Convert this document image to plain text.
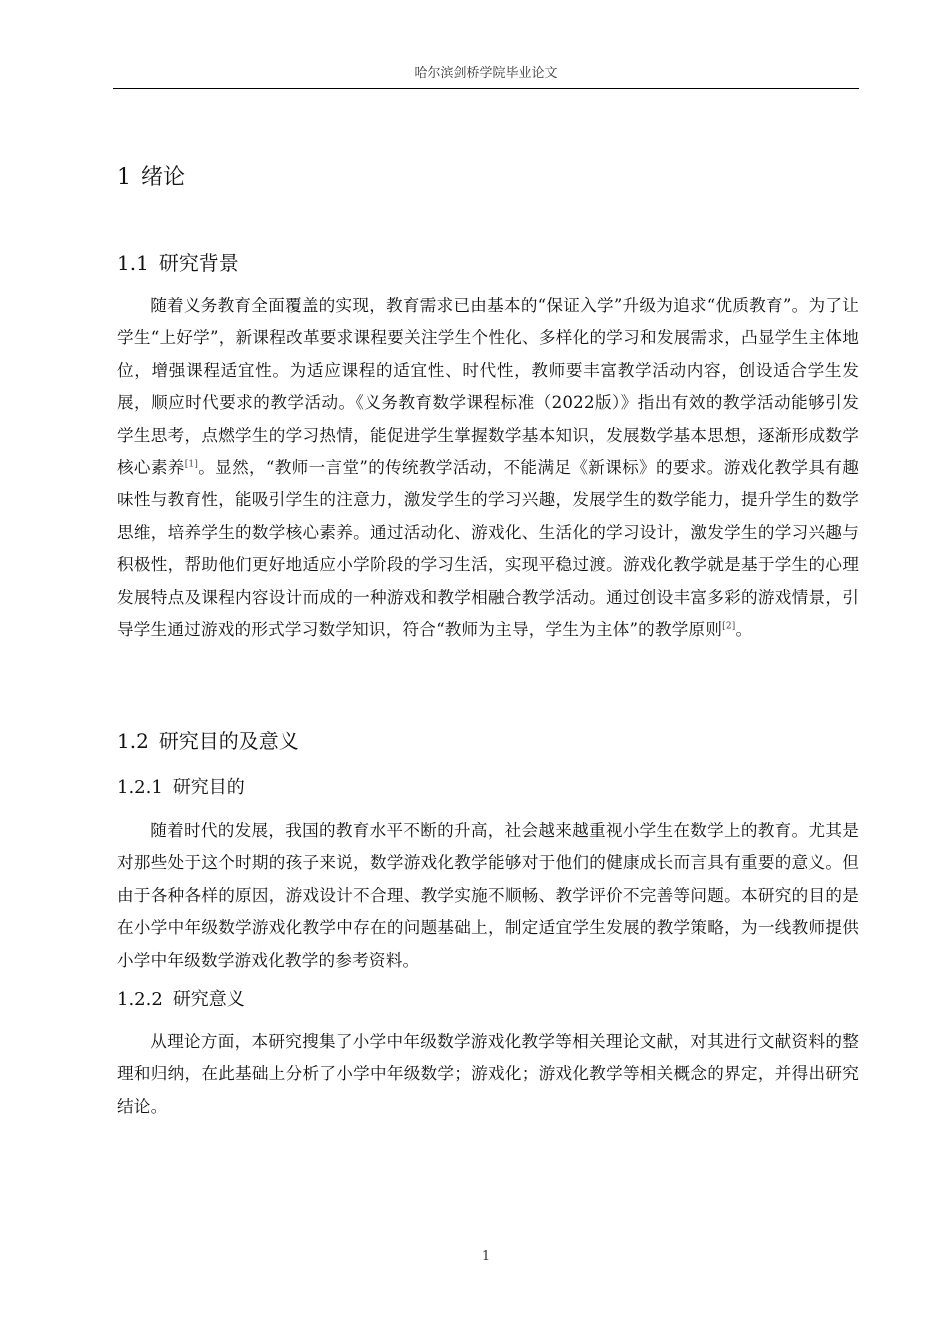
哈尔滨剑桥学院毕业论文
1 绪论
1.1 研究背景

随着义务教育全面覆盖的实现，教育需求已由基本的“保证入学”升级为追求“优质教育”。为了让学生“上好学”，新课程改革要求课程要关注学生个性化、多样化的学习和发展需求，凸显学生主体地位，增强课程适宜性。为适应课程的适宜性、时代性，教师要丰富教学活动内容，创设适合学生发展，顺应时代要求的教学活动。《义务教育数学课程标准（2022版）》指出有效的教学活动能够引发学生思考，点燃学生的学习热情，能促进学生掌握数学基本知识，发展数学基本思想，逐渐形成数学核心素养[1]。显然，“教师一言堂”的传统教学活动，不能满足《新课标》的要求。游戏化教学具有趣味性与教育性，能吸引学生的注意力，激发学生的学习兴趣，发展学生的数学能力，提升学生的数学思维，培养学生的数学核心素养。通过活动化、游戏化、生活化的学习设计，激发学生的学习兴趣与积极性，帮助他们更好地适应小学阶段的学习生活，实现平稳过渡。游戏化教学就是基于学生的心理发展特点及课程内容设计而成的一种游戏和教学相融合教学活动。通过创设丰富多彩的游戏情景，引导学生通过游戏的形式学习数学知识，符合“教师为主导，学生为主体”的教学原则[2]。

1.2 研究目的及意义
1.2.1 研究目的

随着时代的发展，我国的教育水平不断的升高，社会越来越重视小学生在数学上的教育。尤其是对那些处于这个时期的孩子来说，数学游戏化教学能够对于他们的健康成长而言具有重要的意义。但由于各种各样的原因，游戏设计不合理、教学实施不顺畅、教学评价不完善等问题。本研究的目的是在小学中年级数学游戏化教学中存在的问题基础上，制定适宜学生发展的教学策略，为一线教师提供小学中年级数学游戏化教学的参考资料。

1.2.2 研究意义

从理论方面，本研究搜集了小学中年级数学游戏化教学等相关理论文献，对其进行文献资料的整理和归纳，在此基础上分析了小学中年级数学；游戏化；游戏化教学等相关概念的界定，并得出研究结论。

1
